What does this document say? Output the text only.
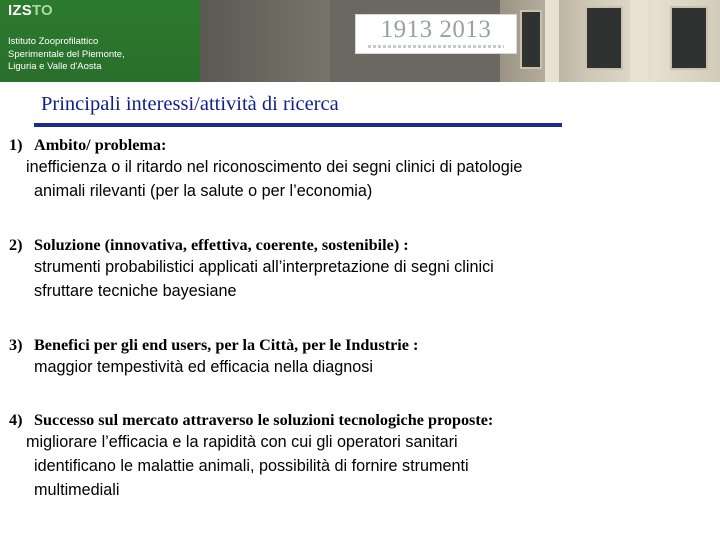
IZSTO
Istituto Zooprofilattico
Sperimentale del Piemonte,
Liguria e Valle d'Aosta
1913 2013
Principali interessi/attività di ricerca
1) Ambito/ problema:
inefficienza o il ritardo nel riconoscimento dei segni clinici di patologie
animali rilevanti (per la salute o per l’economia)
2) Soluzione (innovativa, effettiva, coerente, sostenibile) :
strumenti probabilistici applicati all’interpretazione di segni clinici
sfruttare tecniche bayesiane
3) Benefici per gli end users, per la Città, per le Industrie :
maggior tempestività ed efficacia nella diagnosi
4) Successo sul mercato attraverso le soluzioni tecnologiche proposte:
migliorare l’efficacia e la rapidità con cui gli operatori sanitari
identificano le malattie animali, possibilità di fornire strumenti
multimediali
